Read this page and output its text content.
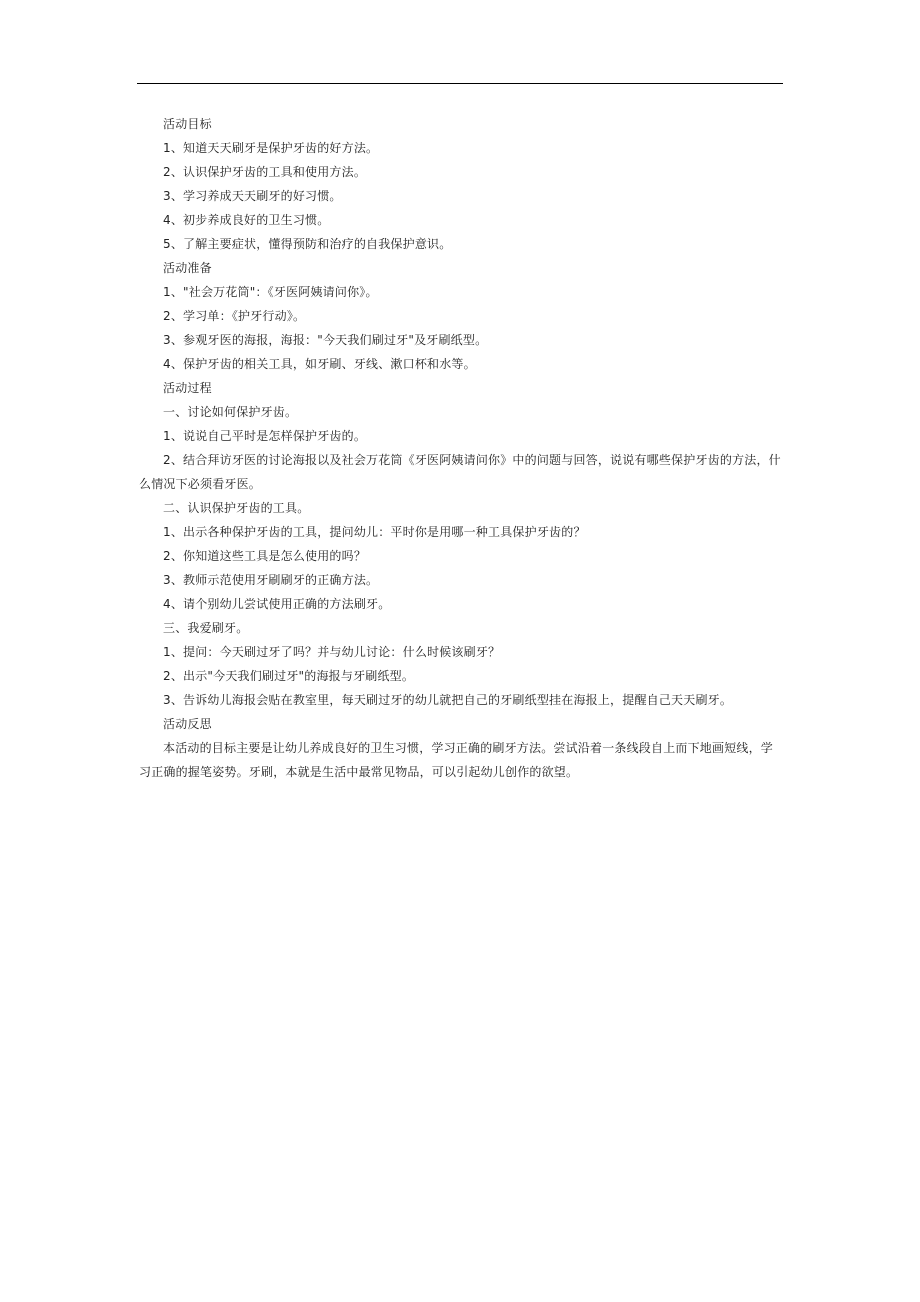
活动目标

1、知道天天刷牙是保护牙齿的好方法。

2、认识保护牙齿的工具和使用方法。

3、学习养成天天刷牙的好习惯。

4、初步养成良好的卫生习惯。

5、了解主要症状，懂得预防和治疗的自我保护意识。

活动准备

1、"社会万花筒"：《牙医阿姨请问你》。

2、学习单：《护牙行动》。

3、参观牙医的海报，海报："今天我们刷过牙"及牙刷纸型。

4、保护牙齿的相关工具，如牙刷、牙线、漱口杯和水等。

活动过程

一、讨论如何保护牙齿。

1、说说自己平时是怎样保护牙齿的。

2、结合拜访牙医的讨论海报以及社会万花筒《牙医阿姨请问你》中的问题与回答，说说有哪些保护牙齿的方法，什么情况下必须看牙医。

二、认识保护牙齿的工具。

1、出示各种保护牙齿的工具，提问幼儿：平时你是用哪一种工具保护牙齿的？

2、你知道这些工具是怎么使用的吗？

3、教师示范使用牙刷刷牙的正确方法。

4、请个别幼儿尝试使用正确的方法刷牙。

三、我爱刷牙。

1、提问：今天刷过牙了吗？并与幼儿讨论：什么时候该刷牙？

2、出示"今天我们刷过牙"的海报与牙刷纸型。

3、告诉幼儿海报会贴在教室里，每天刷过牙的幼儿就把自己的牙刷纸型挂在海报上，提醒自己天天刷牙。

活动反思

本活动的目标主要是让幼儿养成良好的卫生习惯，学习正确的刷牙方法。尝试沿着一条线段自上而下地画短线，学习正确的握笔姿势。牙刷，本就是生活中最常见物品，可以引起幼儿创作的欲望。
